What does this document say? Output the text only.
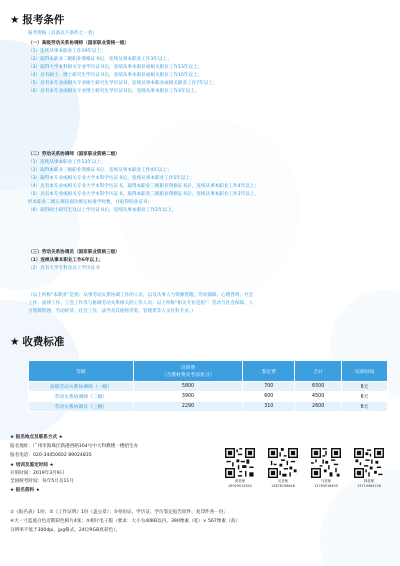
★ 报考条件
报考资格（具备以下条件之一者）
（一）高级劳动关系协调师（国家职业资格一级）
（1）连续从事本职业工作19年以上；
（2）取得本职业二级职业资格证书后，连续从事本职业工作3年以上；
（3）取得大学本科相关专业学历证书后，连续从事本职业或相关职业工作13年以上；
（4）具有硕士、博士研究生学历证书后，连续从事本职业或相关职业工作10年以上；
（5）具有本专业或相关专业硕士研究生学历证书，连续从事本职业或相关职业工作7年以上；
（6）具有本专业或相关专业博士研究生学历证书后，连续从事本职业工作3年以上。
（二）劳动关系协调师（国家职业资格二级）
（1）连续从事本职业工作13年以上；
（2）取得本职业三级职业资格证书后，连续从事本职业工作4年以上；
（3）取得本专业或相关专业大学本科学历证书后，连续从事本职业工作5年以上；
（4）具有本专业或相关专业大学本科学历证书，取得本职业三级职业资格证书后，连续从事本职业工作4年以上；
（5）具有本专业或相关专业大学本科学历证书，取得本职业三级职业资格证书后，连续从事本职业工作3年以上，
经本职业二级正规培训达规定标准学时数，并取得结业证书；
（6）取得硕士研究生及以上学历证书后，连续从事本职业工作2年以上。
（三）劳动关系协调员（国家职业资格三级）
（1）连续从事本职业工作6年以上；
（2）具有大学专科及以上学历证书
（以上所称“本职业”是指：从事劳动关系协调工作的人员，以及从事人力资源管理、劳动保障、心理咨询、社会
工作、法律工作、工会工作等与协调劳动关系相关的工作人员；以上所称“相关专业是指”：劳动与社会保障、人
力资源管理、劳动经济、社会工作、法学及其他经济类、管理类等人文社科专业。）
★ 收费标准
等级	培训费
（含教材费及考前复习）	鉴定费	合计	培训时间
高级劳动关系协调师（一级）	5800	700	6500	6天
劳动关系协调师（二级）	3900	600	4500	6天
劳动关系协调员（三级）	2290	310	2600	6天
★ 报名地点及联系方式 ★
报名地址：广州市海珠区新港西路164号中大科教楼一楼招生办
报名电话：020-34450602 89024835
★ 培训及鉴定时间 ★
开班时间：2019年3月9日
全国统考时间：每年5月及11月
★ 报名资料 ★
①《报名表》1份；②《工作证明》1份（盖公章）；③身份证、学历证、学历鉴定报告原件、复印件各一份；
④大一寸蓝底白色近期彩色相片4张；⑤相片电子版（要求：大小为40KB以内，390像素（宽）× 567像素（高）
分辨率不低于300dpi，jpg格式，24位RGB真彩色）。
黄老师
18929512945
吴老师
13876198846
马老师
13763918495
林老师
13719464746
